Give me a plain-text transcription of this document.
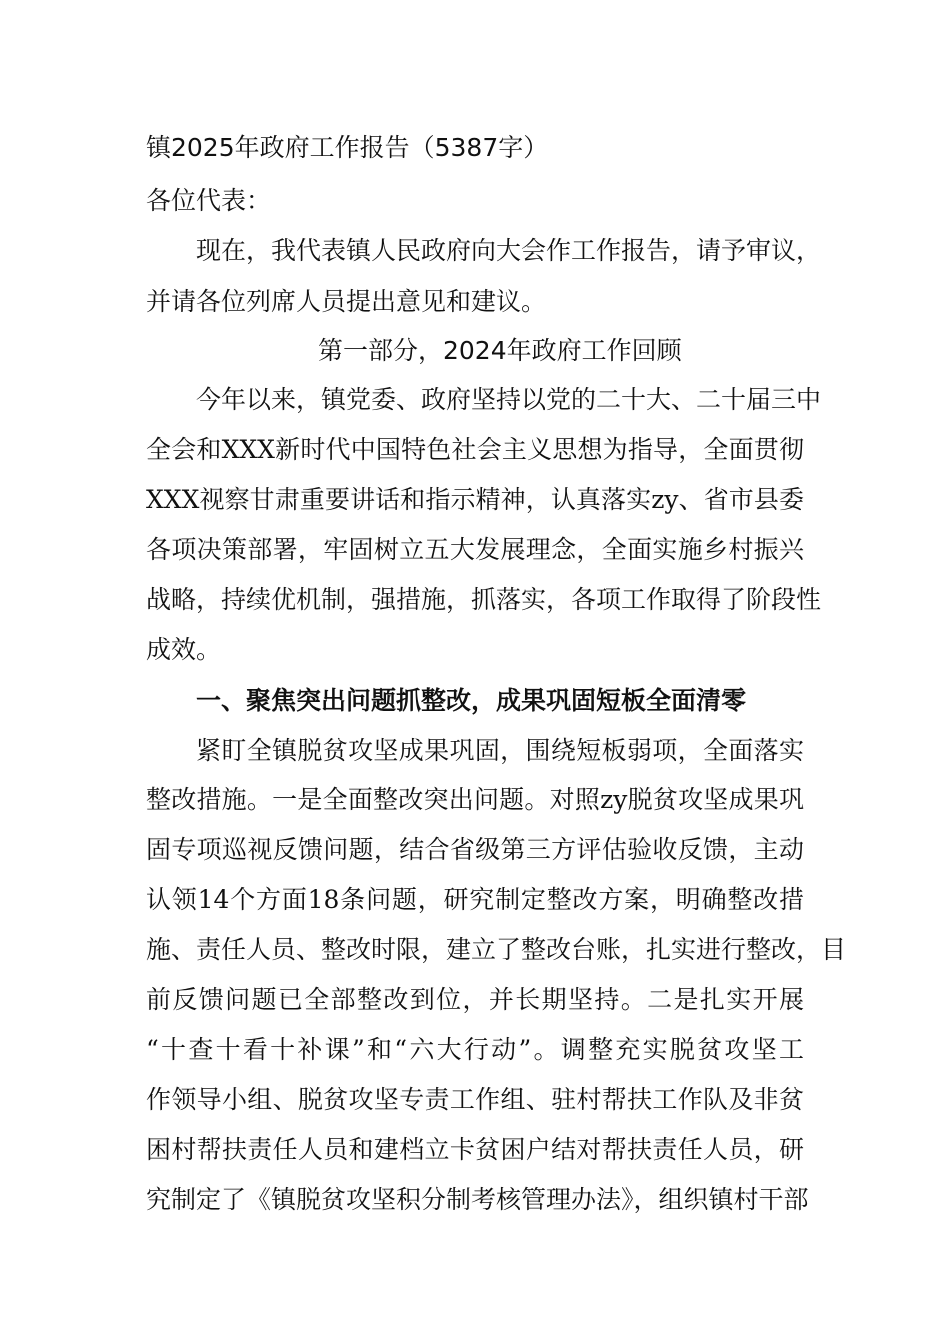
镇2025年政府工作报告（5387字）
各位代表：
现在，我代表镇人民政府向大会作工作报告，请予审议，
并请各位列席人员提出意见和建议。
第一部分，2024年政府工作回顾
今年以来，镇党委、政府坚持以党的二十大、二十届三中
全会和XXX新时代中国特色社会主义思想为指导，全面贯彻
XXX视察甘肃重要讲话和指示精神，认真落实zy、省市县委
各项决策部署，牢固树立五大发展理念，全面实施乡村振兴
战略，持续优机制，强措施，抓落实，各项工作取得了阶段性
成效。
一、聚焦突出问题抓整改，成果巩固短板全面清零
紧盯全镇脱贫攻坚成果巩固，围绕短板弱项，全面落实
整改措施。一是全面整改突出问题。对照zy脱贫攻坚成果巩
固专项巡视反馈问题，结合省级第三方评估验收反馈，主动
认领14个方面18条问题，研究制定整改方案，明确整改措
施、责任人员、整改时限，建立了整改台账，扎实进行整改，目
前反馈问题已全部整改到位，并长期坚持。二是扎实开展
“十查十看十补课”和“六大行动”。调整充实脱贫攻坚工
作领导小组、脱贫攻坚专责工作组、驻村帮扶工作队及非贫
困村帮扶责任人员和建档立卡贫困户结对帮扶责任人员，研
究制定了《镇脱贫攻坚积分制考核管理办法》，组织镇村干部
